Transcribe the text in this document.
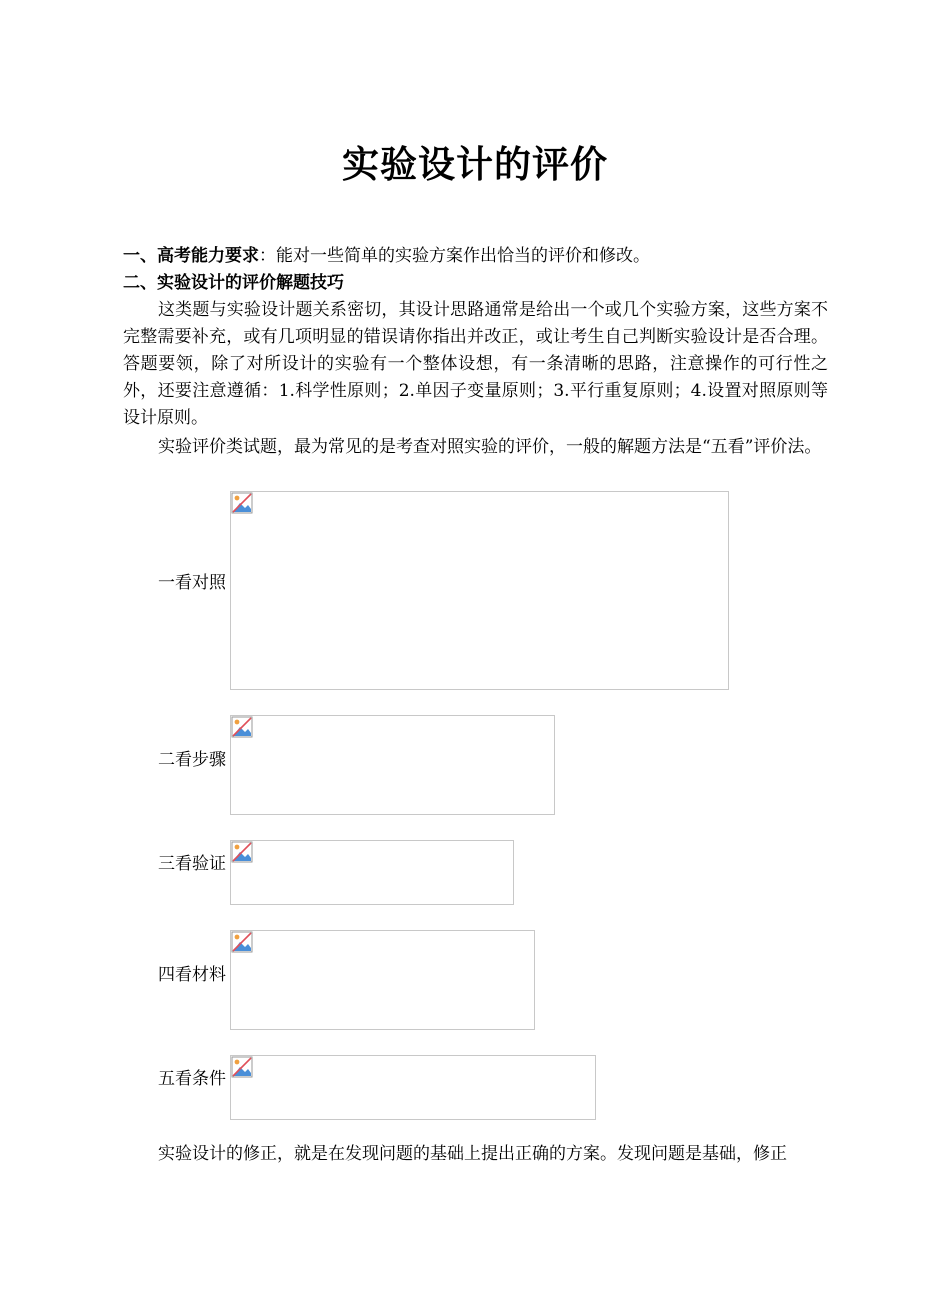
实验设计的评价

一、高考能力要求：能对一些简单的实验方案作出恰当的评价和修改。

二、实验设计的评价解题技巧

这类题与实验设计题关系密切，其设计思路通常是给出一个或几个实验方案，这些方案不完整需要补充，或有几项明显的错误请你指出并改正，或让考生自己判断实验设计是否合理。答题要领，除了对所设计的实验有一个整体设想，有一条清晰的思路，注意操作的可行性之外，还要注意遵循：1.科学性原则；2.单因子变量原则；3.平行重复原则；4.设置对照原则等设计原则。

实验评价类试题，最为常见的是考查对照实验的评价，一般的解题方法是“五看”评价法。

一看对照
二看步骤
三看验证
四看材料
五看条件
实验设计的修正，就是在发现问题的基础上提出正确的方案。发现问题是基础，修正
